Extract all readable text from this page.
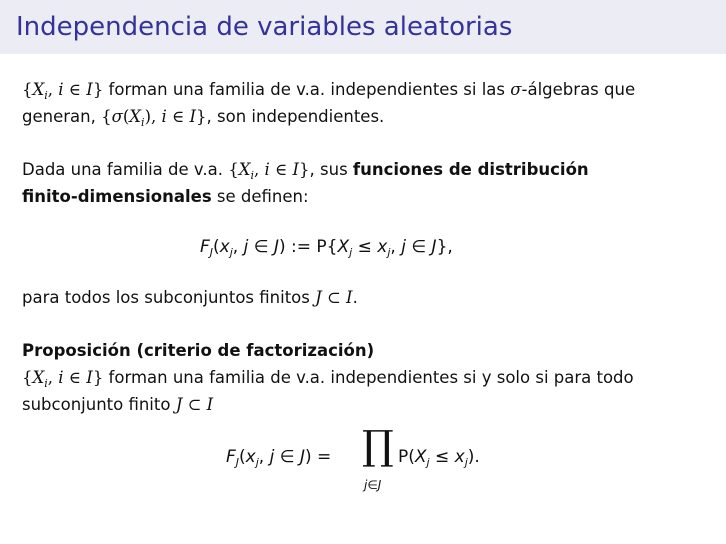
Independencia de variables aleatorias
{$X_i$, i ∈ I} forman una familia de v.a. independientes si las σ-álgebras que
generan, {$\sigma(X_i)$, i ∈ I}, son independientes.
Dada una familia de v.a. {$X_i$, i ∈ I}, sus funciones de distribución
finito-dimensionales se definen:
$F_J(x_j$, j ∈ J) := $P\{X_j \le x_j$, j ∈ J},
para todos los subconjuntos finitos J ⊂ I.
Proposición (criterio de factorización)
{$X_i$, i ∈ I} forman una familia de v.a. independientes si y solo si para todo
subconjunto finito J ⊂ I
$F_J(x_j$, j ∈ J) = ∏
j∈J
$P(X_j \le x_j)$.
